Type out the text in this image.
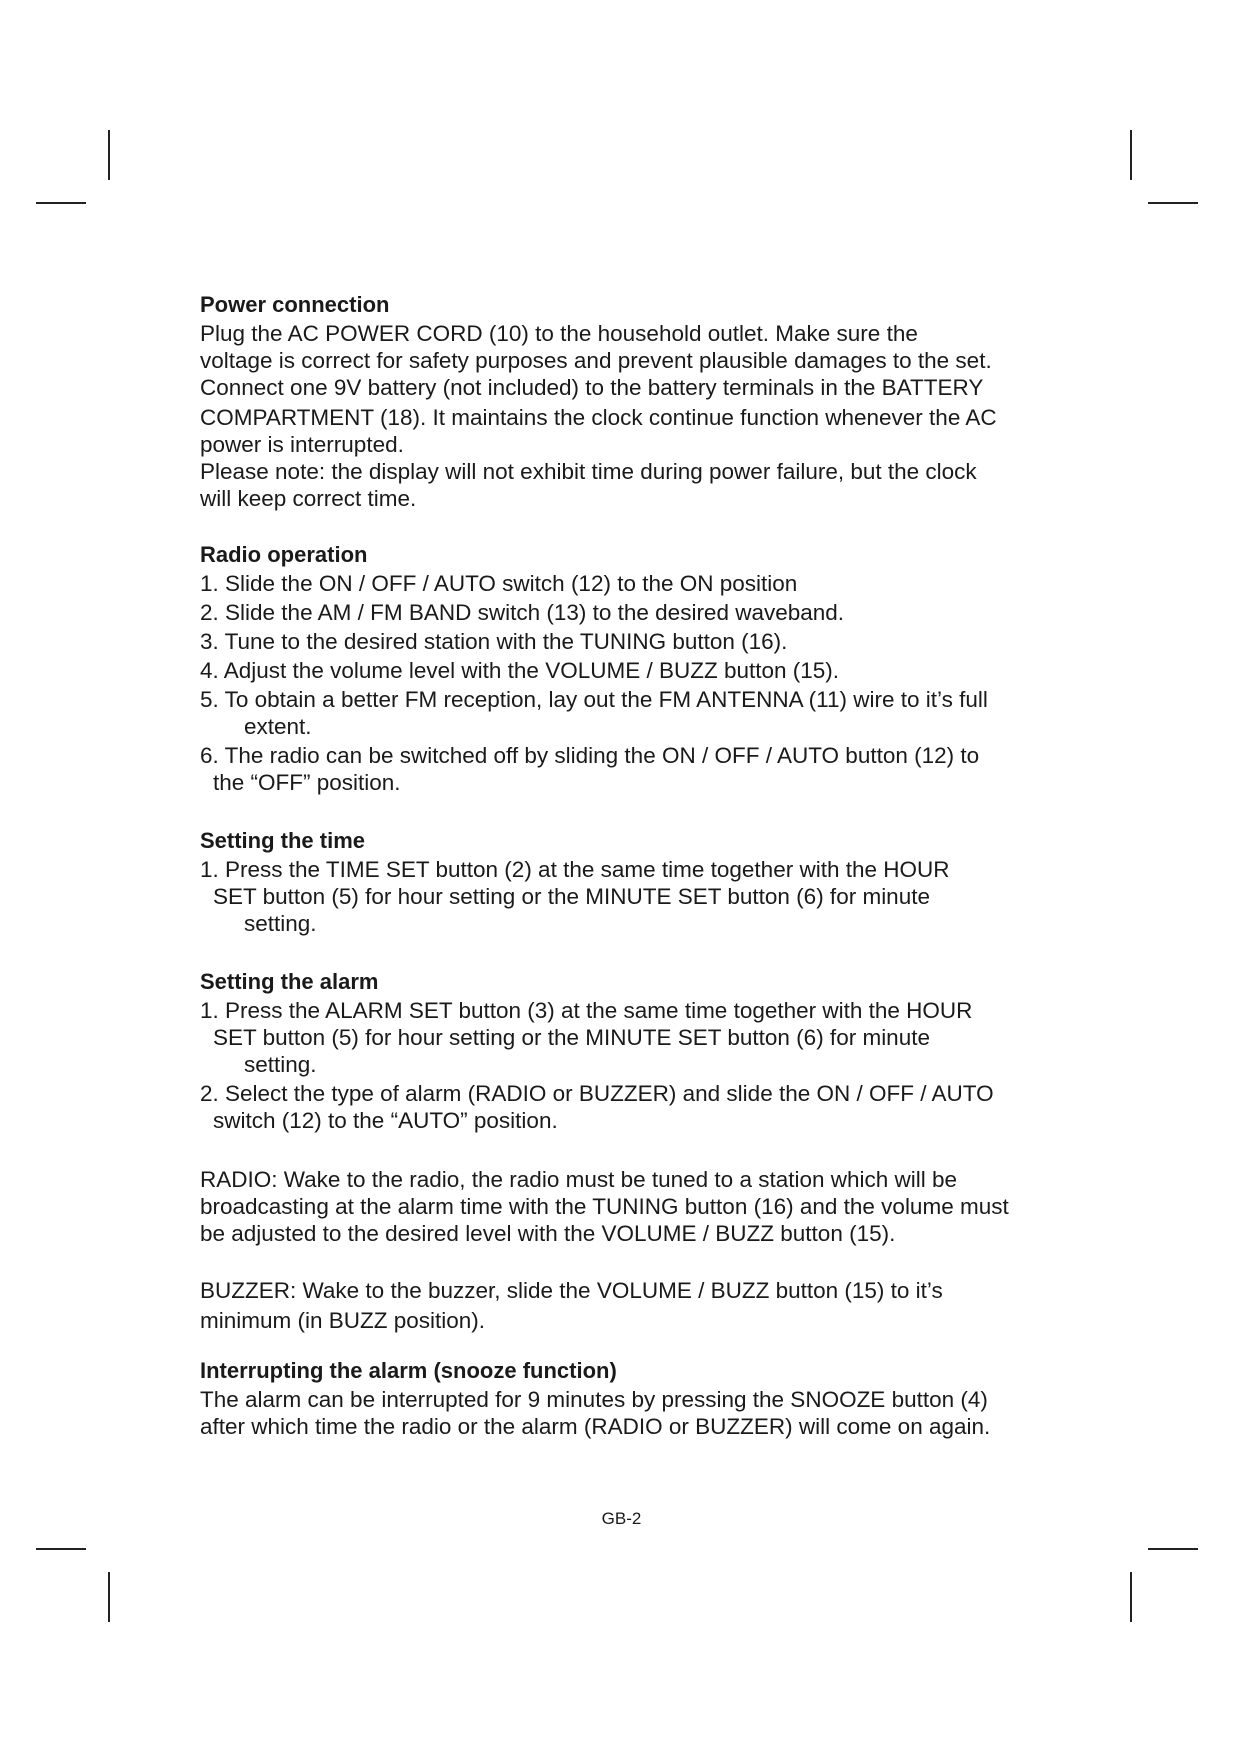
Power connection
Plug the AC POWER CORD (10) to the household outlet. Make sure the
voltage is correct for safety purposes and prevent plausible damages to the set.
Connect one 9V battery (not included) to the battery terminals in the BATTERY
COMPARTMENT (18). It maintains the clock continue function whenever the AC
power is interrupted.
Please note: the display will not exhibit time during power failure, but the clock
will keep correct time.
Radio operation
1. Slide the ON / OFF / AUTO switch (12) to the ON position
2. Slide the AM / FM BAND switch (13) to the desired waveband.
3. Tune to the desired station with the TUNING button (16).
4. Adjust the volume level with the VOLUME / BUZZ button (15).
5. To obtain a better FM reception, lay out the FM ANTENNA (11) wire to it’s full
extent.
6. The radio can be switched off by sliding the ON / OFF / AUTO button (12) to
the “OFF” position.
Setting the time
1. Press the TIME SET button (2) at the same time together with the HOUR
SET button (5) for hour setting or the MINUTE SET button (6) for minute
setting.
Setting the alarm
1. Press the ALARM SET button (3) at the same time together with the HOUR
SET button (5) for hour setting or the MINUTE SET button (6) for minute
setting.
2. Select the type of alarm (RADIO or BUZZER) and slide the ON / OFF / AUTO
switch (12) to the “AUTO” position.
RADIO: Wake to the radio, the radio must be tuned to a station which will be
broadcasting at the alarm time with the TUNING button (16) and the volume must
be adjusted to the desired level with the VOLUME / BUZZ button (15).
BUZZER: Wake to the buzzer, slide the VOLUME / BUZZ button (15) to it’s
minimum (in BUZZ position).
Interrupting the alarm (snooze function)
The alarm can be interrupted for 9 minutes by pressing the SNOOZE button (4)
after which time the radio or the alarm (RADIO or BUZZER) will come on again.
GB-2
